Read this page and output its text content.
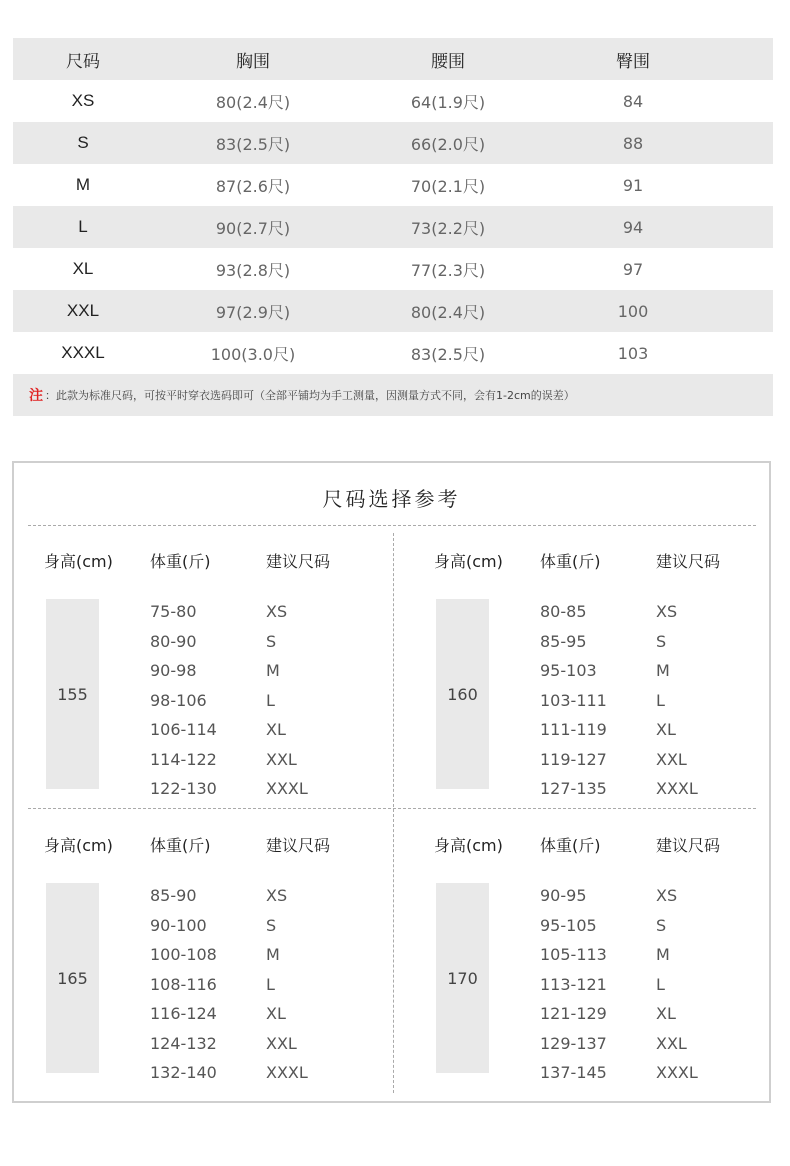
尺码	胸围	腰围	臀围
XS	80(2.4尺)	64(1.9尺)	84
S	83(2.5尺)	66(2.0尺)	88
M	87(2.6尺)	70(2.1尺)	91
L	90(2.7尺)	73(2.2尺)	94
XL	93(2.8尺)	77(2.3尺)	97
XXL	97(2.9尺)	80(2.4尺)	100
XXXL	100(3.0尺)	83(2.5尺)	103
注 ：此款为标准尺码，可按平时穿衣选码即可（全部平铺均为手工测量，因测量方式不同，会有1-2cm的误差）
尺码选择参考
身高(cm) 体重(斤)	建议尺码
155
75-80	XS
80-90	S
90-98	M
98-106	L
106-114	XL
114-122	XXL
122-130	XXXL
身高(cm) 体重(斤)	建议尺码
160
80-85	XS
85-95	S
95-103	M
103-111	L
111-119	XL
119-127	XXL
127-135	XXXL
身高(cm) 体重(斤)	建议尺码
165
85-90	XS
90-100	S
100-108	M
108-116	L
116-124	XL
124-132	XXL
132-140	XXXL
身高(cm) 体重(斤)	建议尺码
170
90-95	XS
95-105	S
105-113	M
113-121	L
121-129	XL
129-137	XXL
137-145	XXXL
